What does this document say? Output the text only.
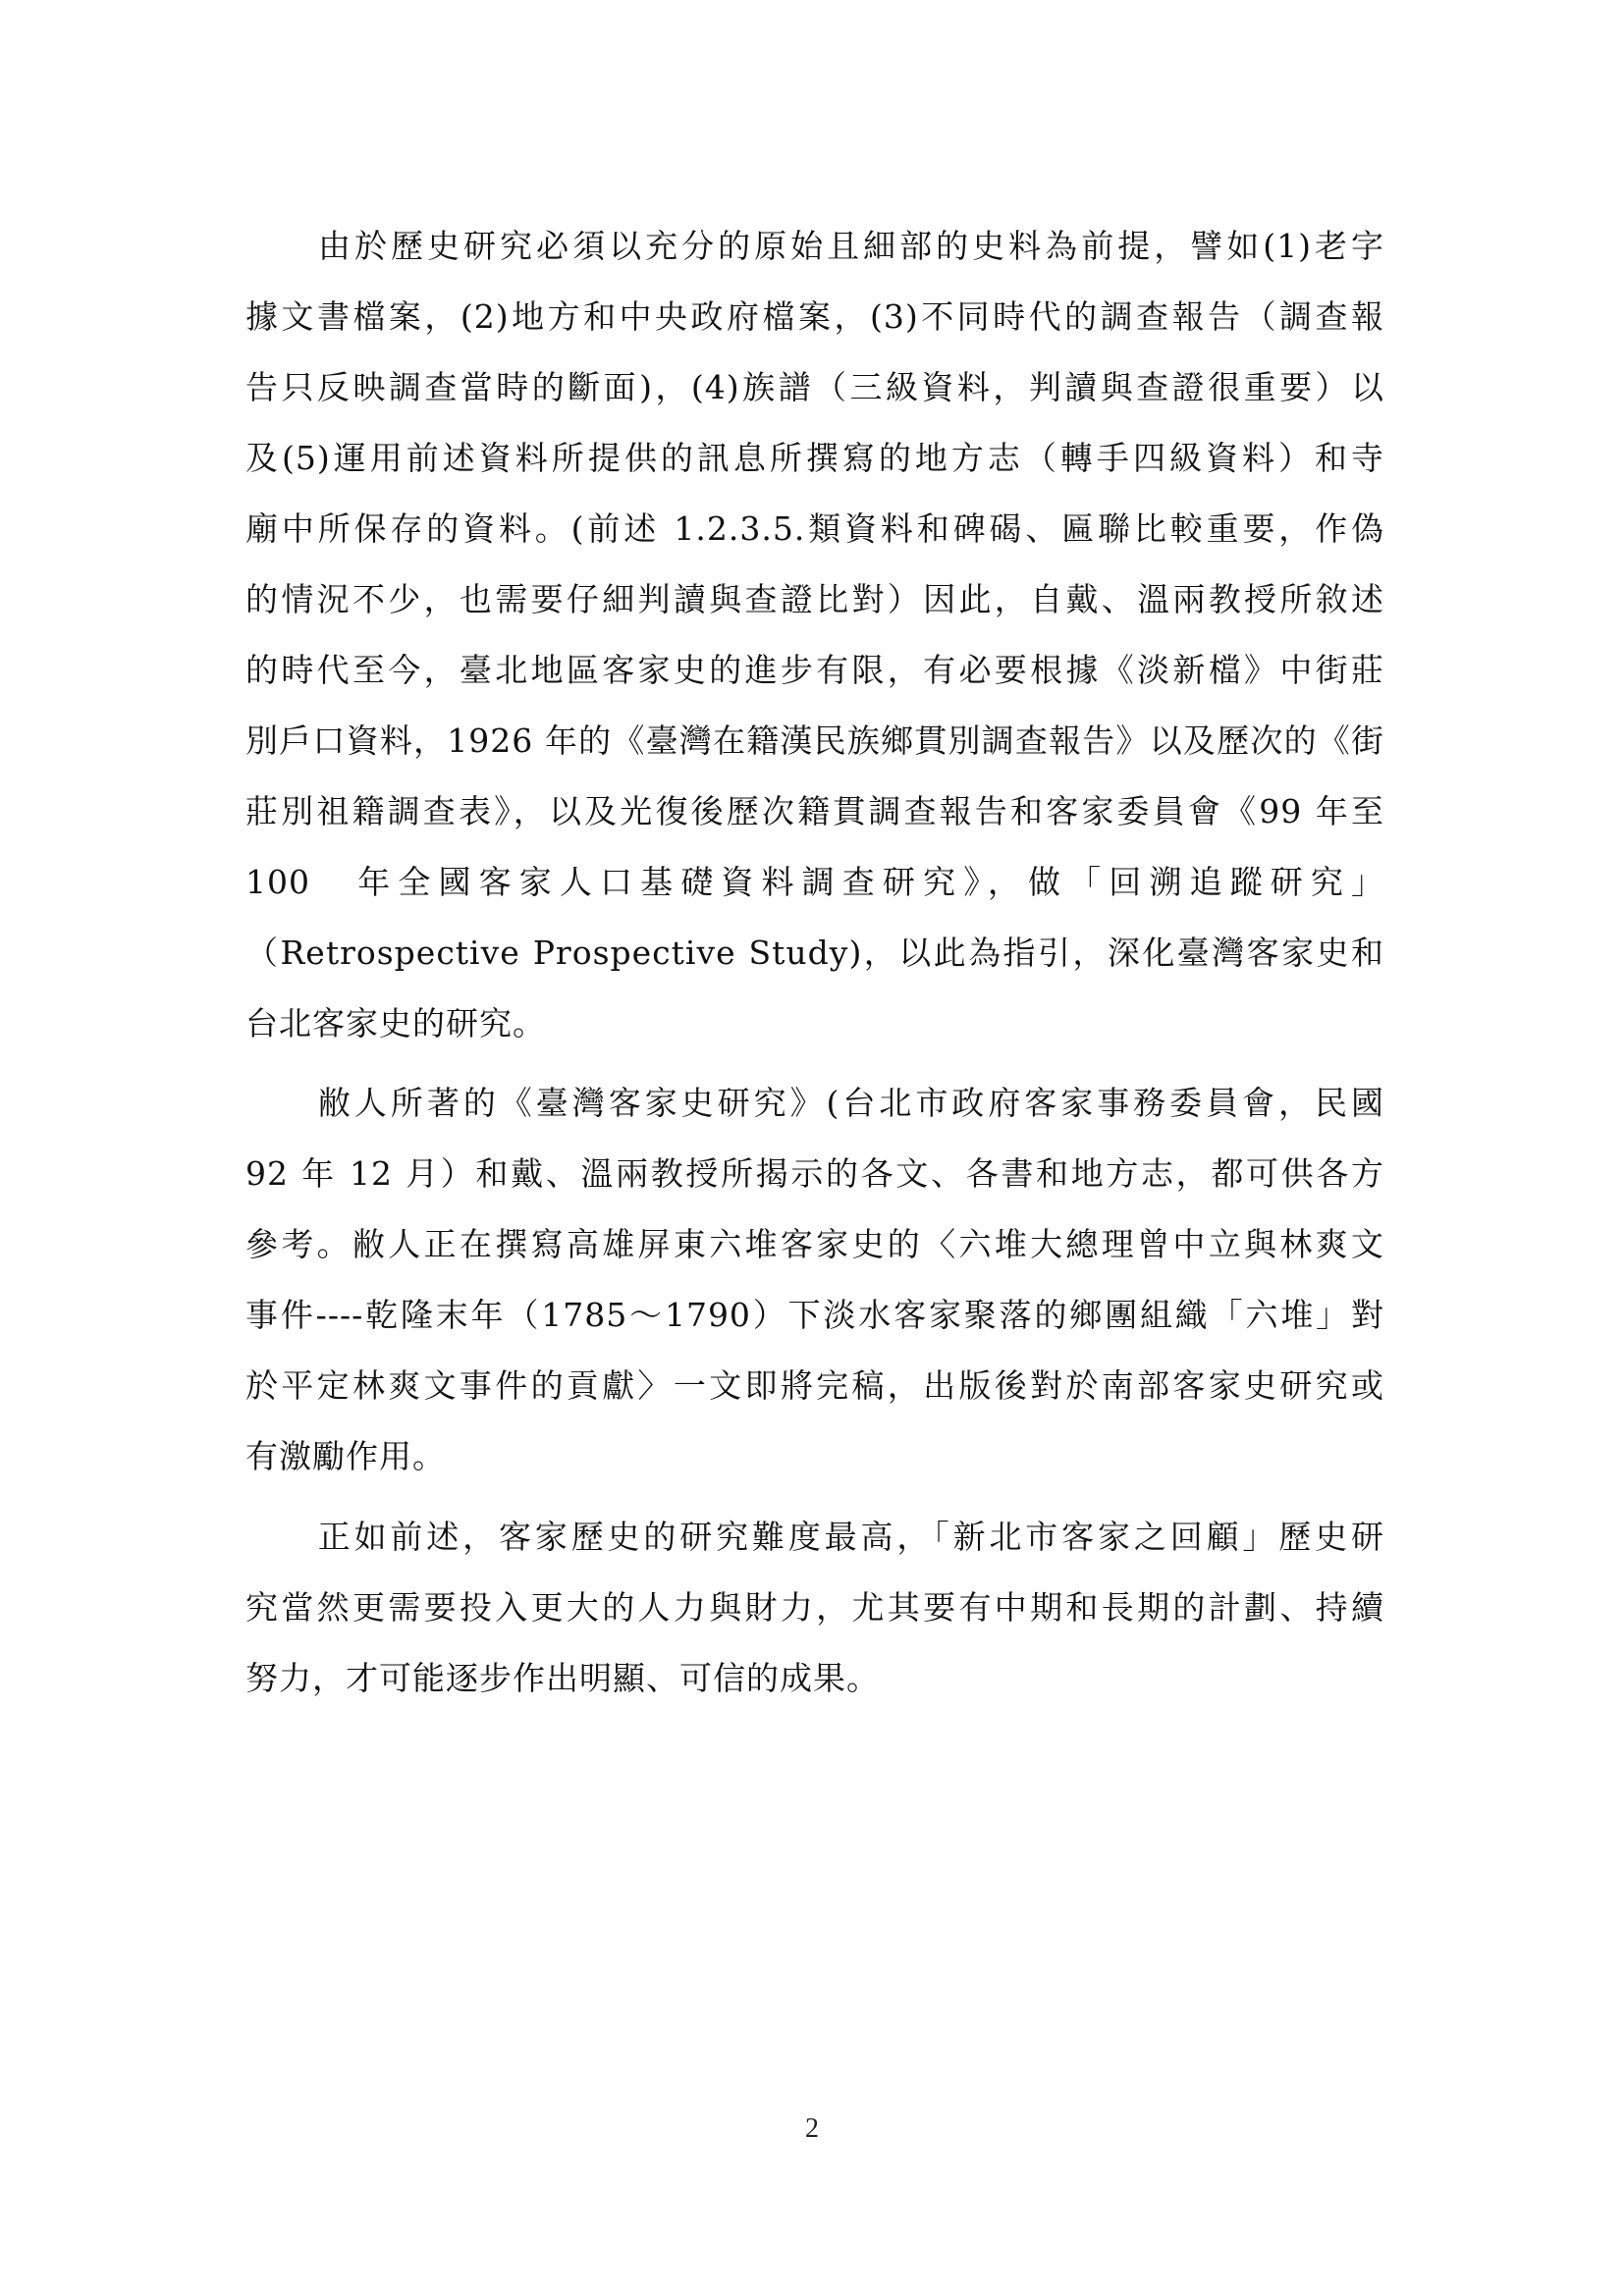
　　由於歷史研究必須以充分的原始且細部的史料為前提，譬如(1)老字
據文書檔案，(2)地方和中央政府檔案，(3)不同時代的調查報告（調查報
告只反映調查當時的斷面)，(4)族譜（三級資料，判讀與查證很重要）以
及(5)運用前述資料所提供的訊息所撰寫的地方志（轉手四級資料）和寺
廟中所保存的資料。(前述 1.2.3.5.類資料和碑碣、匾聯比較重要，作偽
的情況不少，也需要仔細判讀與查證比對）因此，自戴、溫兩教授所敘述
的時代至今，臺北地區客家史的進步有限，有必要根據《淡新檔》中街莊
別戶口資料，1926 年的《臺灣在籍漢民族鄉貫別調查報告》以及歷次的《街
莊別祖籍調查表》，以及光復後歷次籍貫調查報告和客家委員會《99 年至
100　年全國客家人口基礎資料調查研究》，做「回溯追蹤研究」
（Retrospective Prospective Study)，以此為指引，深化臺灣客家史和
台北客家史的研究。

　　敝人所著的《臺灣客家史研究》(台北市政府客家事務委員會，民國
92 年 12 月）和戴、溫兩教授所揭示的各文、各書和地方志，都可供各方
參考。敝人正在撰寫高雄屏東六堆客家史的〈六堆大總理曾中立與林爽文
事件----乾隆末年（1785～1790）下淡水客家聚落的鄉團組織「六堆」對
於平定林爽文事件的貢獻〉一文即將完稿，出版後對於南部客家史研究或
有激勵作用。

　　正如前述，客家歷史的研究難度最高，「新北市客家之回顧」歷史研
究當然更需要投入更大的人力與財力，尤其要有中期和長期的計劃、持續
努力，才可能逐步作出明顯、可信的成果。

2
